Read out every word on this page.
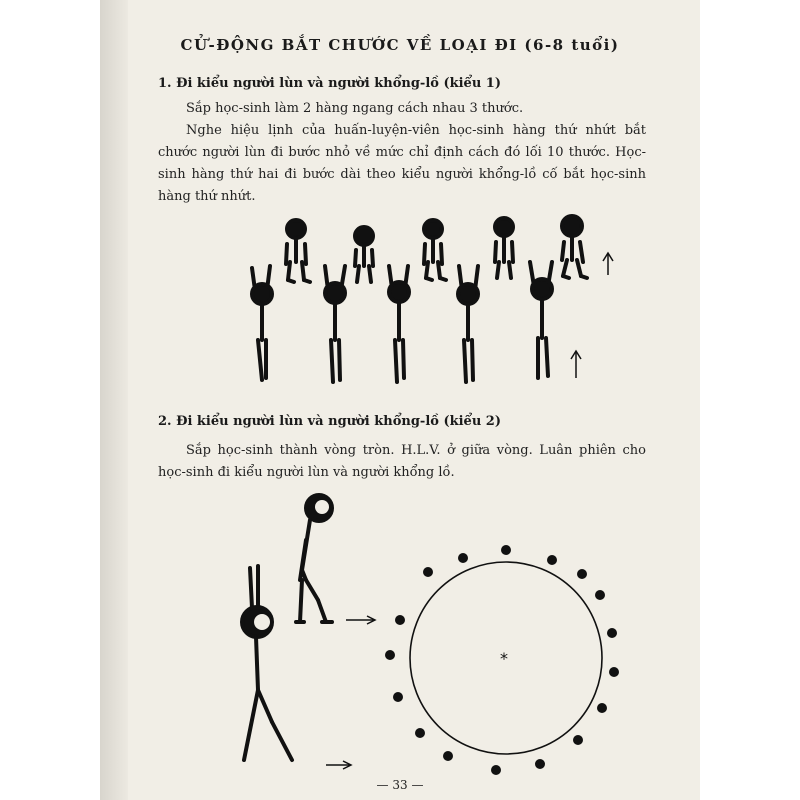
CỬ-ĐỘNG BẮT CHƯỚC VỀ LOẠI ĐI (6-8 tuổi)
1. Đi kiểu người lùn và người khổng-lồ (kiểu 1)
Sắp học-sinh làm 2 hàng ngang cách nhau 3 thước.
Nghe hiệu lịnh của huấn-luyện-viên học-sinh hàng thứ nhứt bắt chước người lùn đi bước nhỏ về mức chỉ định cách đó lối 10 thước. Học-sinh hàng thứ hai đi bước dài theo kiểu người khổng-lồ cố bắt học-sinh hàng thứ nhứt.
2. Đi kiểu người lùn và người khổng-lồ (kiểu 2)
Sắp học-sinh thành vòng tròn. H.L.V. ở giữa vòng. Luân phiên cho học-sinh đi kiểu người lùn và người khổng lồ.
*
— 33 —
